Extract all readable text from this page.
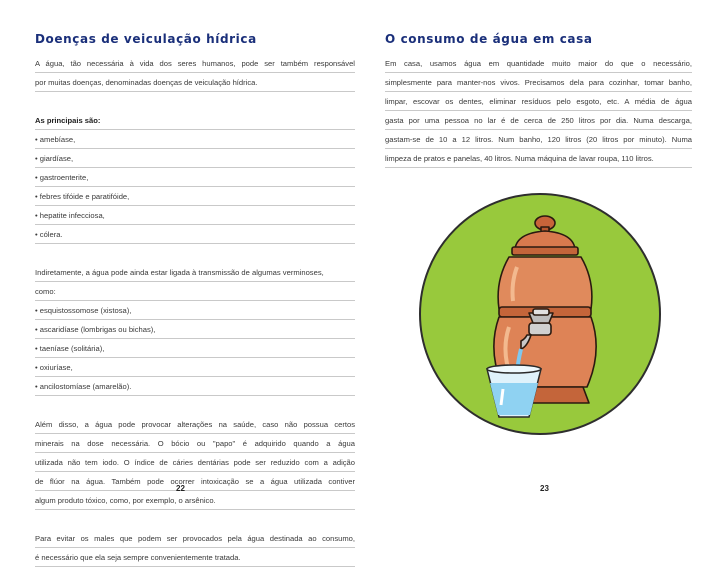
Doenças de veiculação hídrica
A água, tão necessária à vida dos seres humanos, pode ser também responsável
por muitas doenças, denominadas doenças de veiculação hídrica.
As principais são:
• amebíase,
• giardíase,
• gastroenterite,
• febres tifóide e paratifóide,
• hepatite infecciosa,
• cólera.
Indiretamente, a água pode ainda estar ligada à transmissão de algumas verminoses,
como:
• esquistossomose (xistosa),
• ascaridíase (lombrigas ou bichas),
• taeníase (solitária),
• oxiuríase,
• ancilostomíase (amarelão).
Além disso, a água pode provocar alterações na saúde, caso não possua certos
minerais na dose necessária. O bócio ou "papo" é adquirido quando a água
utilizada não tem iodo. O índice de cáries dentárias pode ser reduzido com a adição
de flúor na água. Também pode ocorrer intoxicação se a água utilizada contiver
algum produto tóxico, como, por exemplo, o arsênico.
Para evitar os males que podem ser provocados pela água destinada ao consumo,
é necessário que ela seja sempre convenientemente tratada.
22
O consumo de água em casa
Em casa, usamos água em quantidade muito maior do que o necessário,
simplesmente para manter-nos vivos. Precisamos dela para cozinhar, tomar banho,
limpar, escovar os dentes, eliminar resíduos pelo esgoto, etc. A média de água
gasta por uma pessoa no lar é de cerca de 250 litros por dia. Numa descarga,
gastam-se de 10 a 12 litros. Num banho, 120 litros (20 litros por minuto). Numa
limpeza de pratos e panelas, 40 litros. Numa máquina de lavar roupa, 110 litros.
23
